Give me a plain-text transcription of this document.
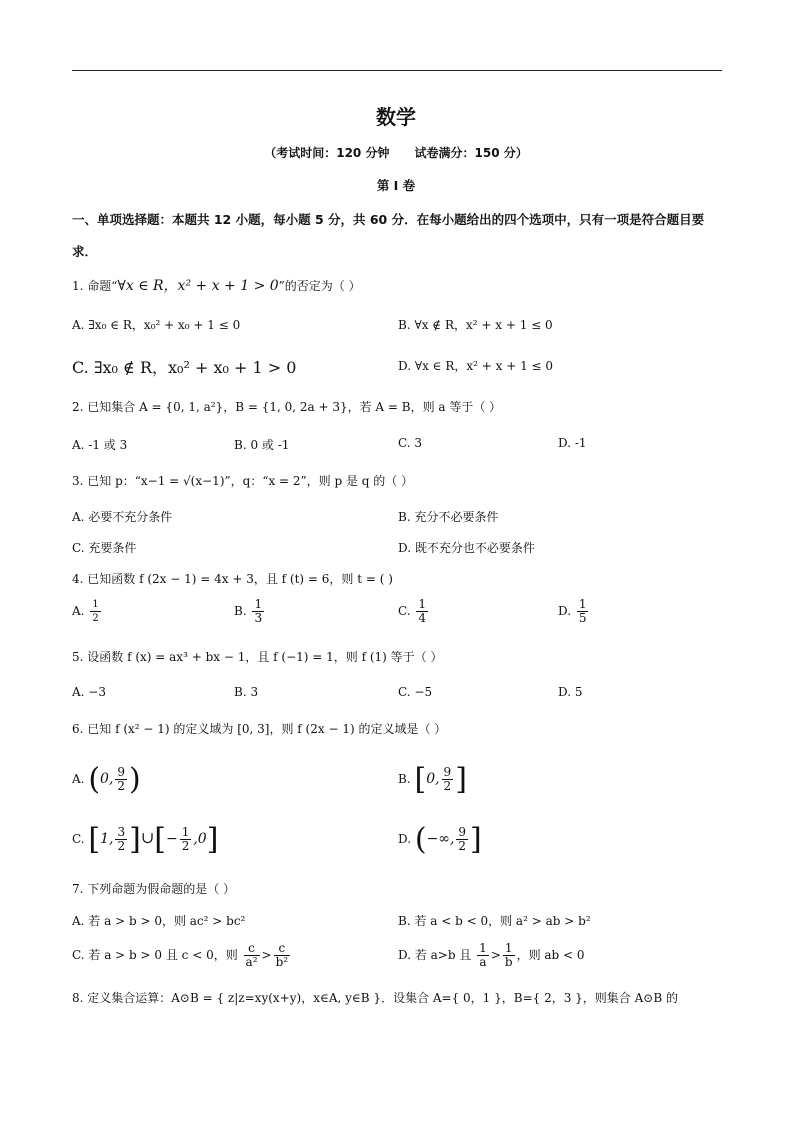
数学
（考试时间：120 分钟      试卷满分：150 分）
第 I 卷
一、单项选择题：本题共 12 小题，每小题 5 分，共 60 分．在每小题给出的四个选项中，只有一项是符合题目要求．
1. 命题“∀x ∈ R，x² + x + 1 > 0”的否定为（ ）
A. ∃x₀ ∈ R，x₀² + x₀ + 1 ≤ 0	B. ∀x ∉ R，x² + x + 1 ≤ 0
C. ∃x₀ ∉ R，x₀² + x₀ + 1 > 0	D. ∀x ∈ R，x² + x + 1 ≤ 0
2. 已知集合 A = {0, 1, a²}，B = {1, 0, 2a + 3}，若 A = B，则 a 等于（ ）
A. -1 或 3	B. 0 或 -1	C. 3	D. -1
3. 已知 p：“x−1 = √(x−1)”，q：“x = 2”，则 p 是 q 的（ ）
A. 必要不充分条件	B. 充分不必要条件
C. 充要条件	D. 既不充分也不必要条件
4. 已知函数 f (2x − 1) = 4x + 3，且 f (t) = 6，则 t = ( )
A. $\frac{1}{2}$	B. $\frac{1}{3}$	C. $\frac{1}{4}$	D. $\frac{1}{5}$
5. 设函数 f (x) = ax³ + bx − 1，且 f (−1) = 1，则 f (1) 等于（ ）
A. −3	B. 3	C. −5	D. 5
6. 已知 f (x² − 1) 的定义域为 [0, 3]，则 f (2x − 1) 的定义域是（ ）
A. (0, $\frac{9}{2}$ )	B. [0, $\frac{9}{2}$ ]
C. [1, $\frac{3}{2}$ ]∪[− $\frac{1}{2} ,0$]	D. (−∞, $\frac{9}{2}$ ]
7. 下列命题为假命题的是（ ）
A. 若 a > b > 0，则 ac² > bc²	B. 若 a < b < 0，则 a² > ab > b²
C. 若 a > b > 0 且 c < 0，则 $\frac{c}{\text{a²}} > \frac{c}{\text{b²}}$	D. 若 a>b 且 $\frac{1}{a} > \frac{1}{b}$ ，则 ab < 0
8. 定义集合运算：A⊙B = { z|z=xy(x+y)，x∈A, y∈B }．设集合 A={ 0，1 }，B={ 2，3 }，则集合 A⊙B 的
